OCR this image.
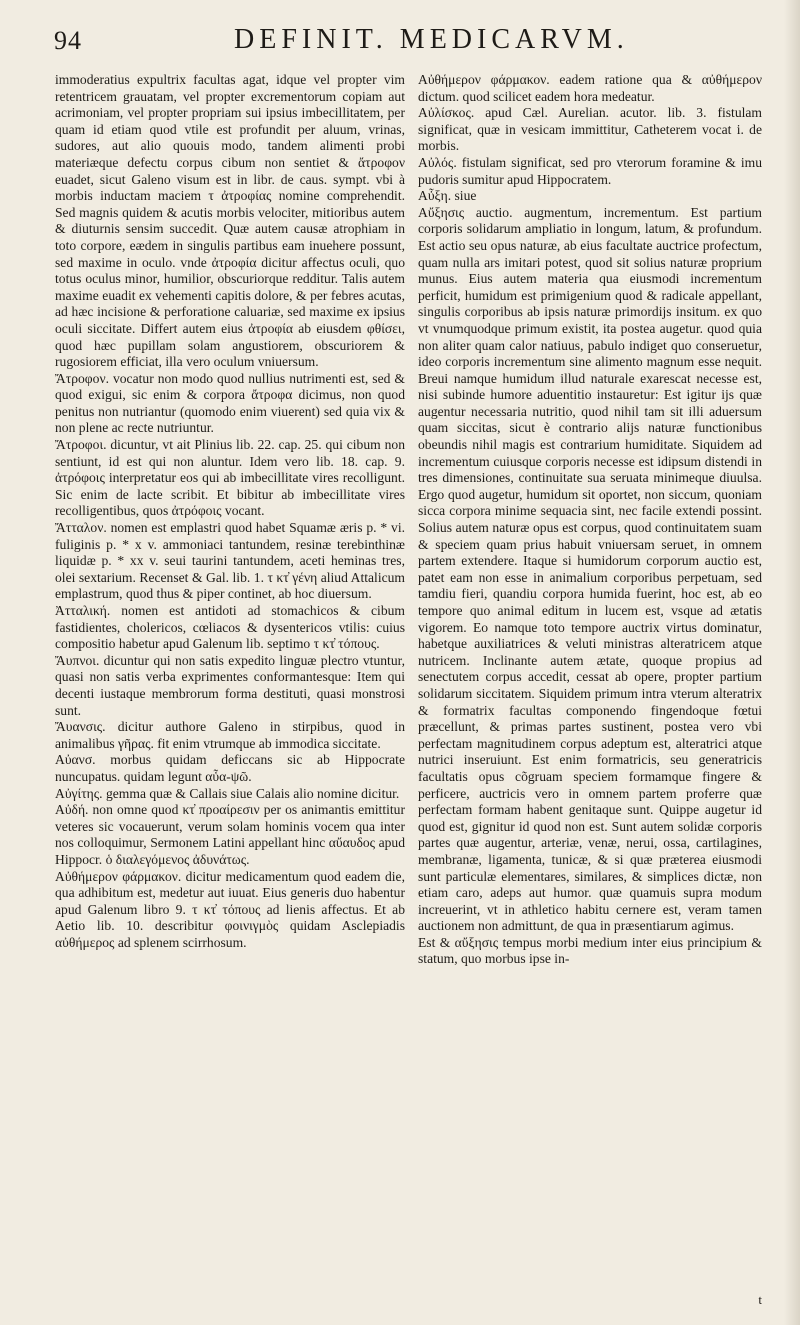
94	DEFINIT. MEDICARVM.

immoderatius expultrix facultas agat, idque vel propter vim retentricem grauatam, vel propter excrementorum copiam aut acrimoniam, vel propter propriam sui ipsius imbecillitatem, per quam id etiam quod vtile est profundit per aluum, vrinas, sudores, aut alio quouis modo, tandem alimenti probi materiæque defectu corpus cibum non sentiet & ἄτροφον euadet, sicut Galeno visum est in libr. de caus. sympt. vbi à morbis inductam maciem τ ἀτροφίας nomine comprehendit. Sed magnis quidem & acutis morbis velociter, mitioribus autem & diuturnis sensim succedit. Quæ autem causæ atrophiam in toto corpore, eædem in singulis partibus eam inuehere possunt, sed maxime in oculo. vnde ἀτροφία dicitur affectus oculi, quo totus oculus minor, humilior, obscuriorque redditur. Talis autem maxime euadit ex vehementi capitis dolore, & per febres acutas, ad hæc incisione & perforatione caluariæ, sed maxime ex ipsius oculi siccitate. Differt autem eius ἀτροφία ab eiusdem φθίσει, quod hæc pupillam solam angustiorem, obscuriorem & rugosiorem efficiat, illa vero oculum vniuersum.

Ἄτροφον. vocatur non modo quod nullius nutrimenti est, sed & quod exigui, sic enim & corpora ἄτροφα dicimus, non quod penitus non nutriantur (quomodo enim viuerent) sed quia vix & non plene ac recte nutriuntur.

Ἄτροφοι. dicuntur, vt ait Plinius lib. 22. cap. 25. qui cibum non sentiunt, id est qui non aluntur. Idem vero lib. 18. cap. 9. ἀτρόφοις interpretatur eos qui ab imbecillitate vires recolligunt. Sic enim de lacte scribit. Et bibitur ab imbecillitate vires recolligentibus, quos ἀτρόφοις vocant.

Ἄτταλον. nomen est emplastri quod habet Squamæ æris p. * vi. fuliginis p. * x v. ammoniaci tantundem, resinæ terebinthinæ liquidæ p. * xx v. seui taurini tantundem, aceti heminas tres, olei sextarium. Recenset & Gal. lib. 1. τ κτ̓ γένη aliud Attalicum emplastrum, quod thus & piper continet, ab hoc diuersum.

Ἀτταλική. nomen est antidoti ad stomachicos & cibum fastidientes, cholericos, cœliacos & dysentericos vtilis: cuius compositio habetur apud Galenum lib. septimo τ κτ̓ τόπους.

Ἄυπνοι. dicuntur qui non satis expedito linguæ plectro vtuntur, quasi non satis verba exprimentes conformantesque: Item qui decenti iustaque membrorum forma destituti, quasi monstrosi sunt.

Ἄυανσις. dicitur authore Galeno in stirpibus, quod in animalibus γῆρας. fit enim vtrumque ab immodica siccitate.

Αὐανσ. morbus quidam deficcans sic ab Hippocrate nuncupatus. quidam legunt αὖα-ψῶ.

Αὐγίτης. gemma quæ & Callais siue Calais alio nomine dicitur.

Αὐδή. non omne quod κτ̓ προαίρεσιν per os animantis emittitur veteres sic vocauerunt, verum solam hominis vocem qua inter nos colloquimur, Sermonem Latini appellant hinc αὔαυδος apud Hippocr. ὁ διαλεγόμενος ἀδυνάτως.

Αὐθήμερον φάρμακον. dicitur medicamentum quod eadem die, qua adhibitum est, medetur aut iuuat. Eius generis duo habentur apud Galenum libro 9. τ κτ̓ τόπους ad lienis affectus. Et ab Aetio lib. 10. describitur φοινιγμὸς quidam Asclepiadis αὐθήμερος ad splenem scirrhosum.

Αὐθήμερον φάρμακον. eadem ratione qua & αὐθήμερον dictum. quod scilicet eadem hora medeatur.

Αὐλίσκος. apud Cæl. Aurelian. acutor. lib. 3. fistulam significat, quæ in vesicam immittitur, Catheterem vocat i. de morbis.

Αὐλός. fistulam significat, sed pro vterorum foramine & imu pudoris sumitur apud Hippocratem.

Αὖξη. siue

Αὔξησις auctio. augmentum, incrementum. Est partium corporis solidarum ampliatio in longum, latum, & profundum. Est actio seu opus naturæ, ab eius facultate auctrice profectum, quam nulla ars imitari potest, quod sit solius naturæ proprium munus. Eius autem materia qua eiusmodi incrementum perficit, humidum est primigenium quod & radicale appellant, singulis corporibus ab ipsis naturæ primordijs insitum. ex quo vt vnumquodque primum existit, ita postea augetur. quod quia non aliter quam calor natiuus, pabulo indiget quo conseruetur, ideo corporis incrementum sine alimento magnum esse nequit. Breui namque humidum illud naturale exarescat necesse est, nisi subinde humore aduentitio instauretur: Est igitur ijs quæ augentur necessaria nutritio, quod nihil tam sit illi aduersum quam siccitas, sicut è contrario alijs naturæ functionibus obeundis nihil magis est contrarium humiditate. Siquidem ad incrementum cuiusque corporis necesse est idipsum distendi in tres dimensiones, continuitate sua seruata minimeque diuulsa. Ergo quod augetur, humidum sit oportet, non siccum, quoniam sicca corpora minime sequacia sint, nec facile extendi possint. Solius autem naturæ opus est corpus, quod continuitatem suam & speciem quam prius habuit vniuersam seruet, in omnem partem extendere. Itaque si humidorum corporum auctio est, patet eam non esse in animalium corporibus perpetuam, sed tamdiu fieri, quandiu corpora humida fuerint, hoc est, ab eo tempore quo animal editum in lucem est, vsque ad ætatis vigorem. Eo namque toto tempore auctrix virtus dominatur, habetque auxiliatrices & veluti ministras alteratricem atque nutricem. Inclinante autem ætate, quoque propius ad senectutem corpus accedit, cessat ab opere, propter partium solidarum siccitatem. Siquidem primum intra vterum alteratrix & formatrix facultas componendo fingendoque fœtui præcellunt, & primas partes sustinent, postea vero vbi perfectam magnitudinem corpus adeptum est, alteratrici atque nutrici inseruiunt. Est enim formatricis, seu generatricis facultatis opus cõgruam speciem formamque fingere & perficere, auctricis vero in omnem partem proferre quæ perfectam formam habent genitaque sunt. Quippe augetur id quod est, gignitur id quod non est. Sunt autem solidæ corporis partes quæ augentur, arteriæ, venæ, nerui, ossa, cartilagines, membranæ, ligamenta, tunicæ, & si quæ præterea eiusmodi sunt particulæ elementares, similares, & simplices dictæ, non etiam caro, adeps aut humor. quæ quamuis supra modum increuerint, vt in athletico habitu cernere est, veram tamen auctionem non admittunt, de qua in præsentiarum agimus.

Est & αὔξησις tempus morbi medium inter eius principium & statum, quo morbus ipse in-

t
